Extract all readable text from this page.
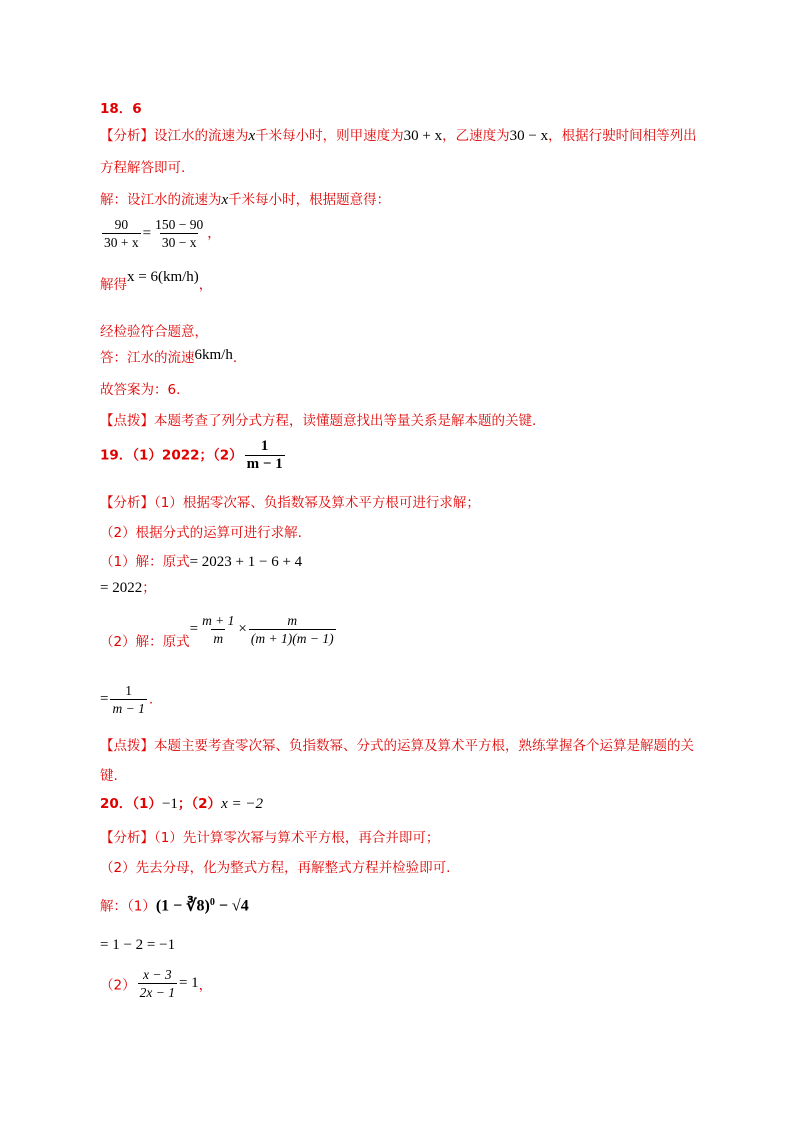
18．6
【分析】设江水的流速为x千米每小时，则甲速度为30 + x，乙速度为30 − x，根据行驶时间相等列出
方程解答即可.
解：设江水的流速为x千米每小时，根据题意得：
$\frac{90}{30 + x} = \frac{150 - 90}{30 - x}$ ，
解得x = 6(km/h)，
经检验符合题意，
答：江水的流速6km/h.
故答案为：6.
【点拨】本题考查了列分式方程，读懂题意找出等量关系是解本题的关键.
19．（1）2022；$(2) \frac{1}{m - 1}$
【分析】（1）根据零次幂、负指数幂及算术平方根可进行求解；
（2）根据分式的运算可进行求解.
（1）解：原式= 2023 + 1 − 6 + 4
= 2022；
（2）解：原式= $\frac{m + 1}{m} \times \frac{m}{(m + 1)(m - 1)}$
= $\frac{1}{m - 1}$ .
【点拨】本题主要考查零次幂、负指数幂、分式的运算及算术平方根，熟练掌握各个运算是解题的关
键.
20．（1）−1；（2）x = −2
【分析】（1）先计算零次幂与算术平方根，再合并即可；
（2）先去分母，化为整式方程，再解整式方程并检验即可.
解：（1）(1 − ∛8)$^0$ − √4
= 1 − 2 = −1
$(2) \frac{x - 3}{2x - 1} = 1$，
